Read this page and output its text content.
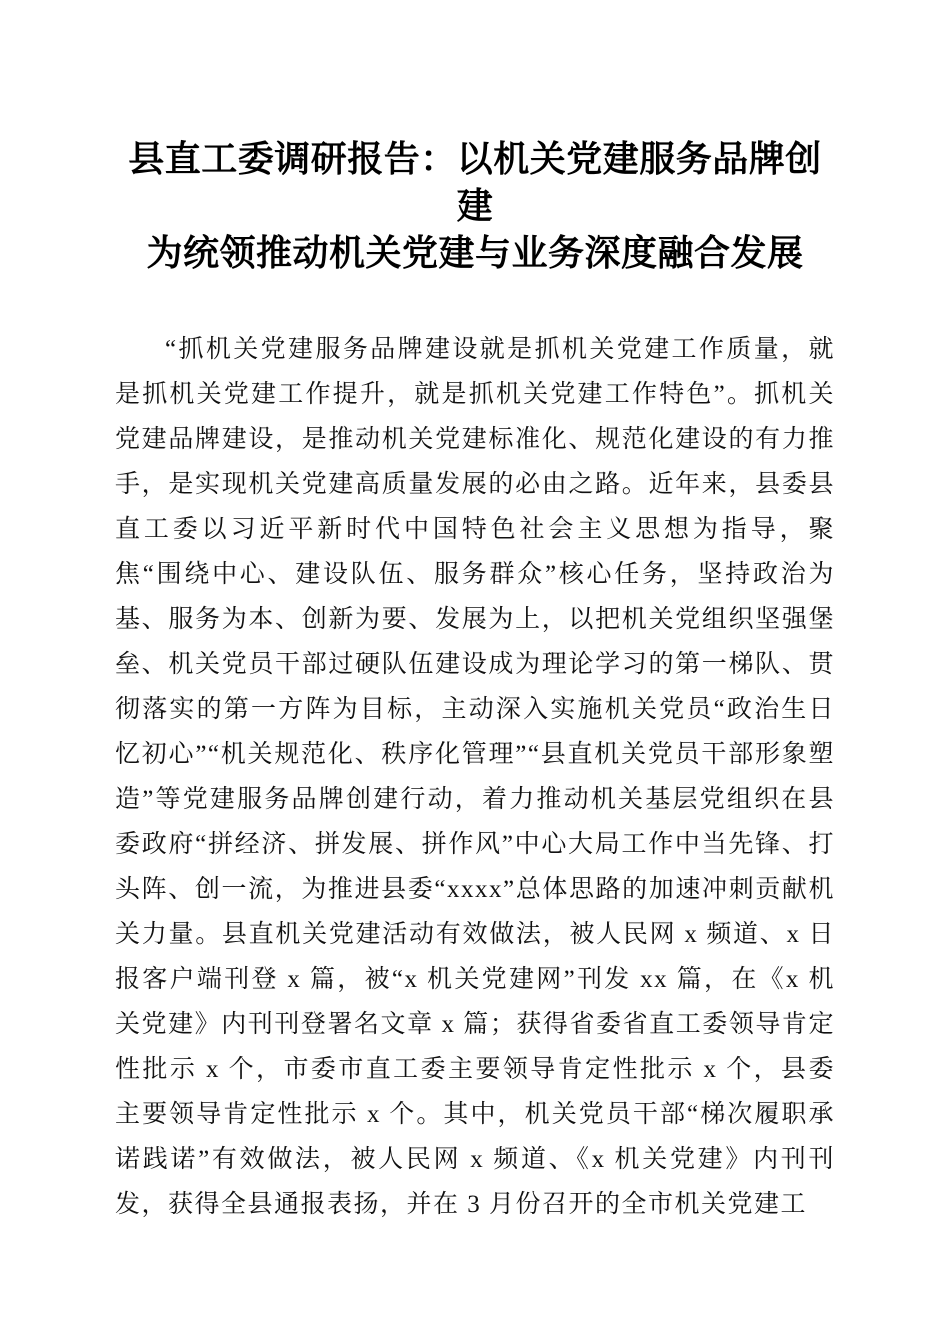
县直工委调研报告：以机关党建服务品牌创建
为统领推动机关党建与业务深度融合发展

“抓机关党建服务品牌建设就是抓机关党建工作质量，就是抓机关党建工作提升，就是抓机关党建工作特色”。抓机关党建品牌建设，是推动机关党建标准化、规范化建设的有力推手，是实现机关党建高质量发展的必由之路。近年来，县委县直工委以习近平新时代中国特色社会主义思想为指导，聚焦“围绕中心、建设队伍、服务群众”核心任务，坚持政治为基、服务为本、创新为要、发展为上，以把机关党组织坚强堡垒、机关党员干部过硬队伍建设成为理论学习的第一梯队、贯彻落实的第一方阵为目标，主动深入实施机关党员“政治生日忆初心”“机关规范化、秩序化管理”“县直机关党员干部形象塑造”等党建服务品牌创建行动，着力推动机关基层党组织在县委政府“拼经济、拼发展、拼作风”中心大局工作中当先锋、打头阵、创一流，为推进县委“xxxx”总体思路的加速冲刺贡献机关力量。县直机关党建活动有效做法，被人民网 x 频道、x 日报客户端刊登 x 篇，被“x 机关党建网”刊发 xx 篇，在《x 机关党建》内刊刊登署名文章 x 篇；获得省委省直工委领导肯定性批示 x 个，市委市直工委主要领导肯定性批示 x 个，县委主要领导肯定性批示 x 个。其中，机关党员干部“梯次履职承诺践诺”有效做法，被人民网 x 频道、《x 机关党建》内刊刊发，获得全县通报表扬，并在 3 月份召开的全市机关党建工
